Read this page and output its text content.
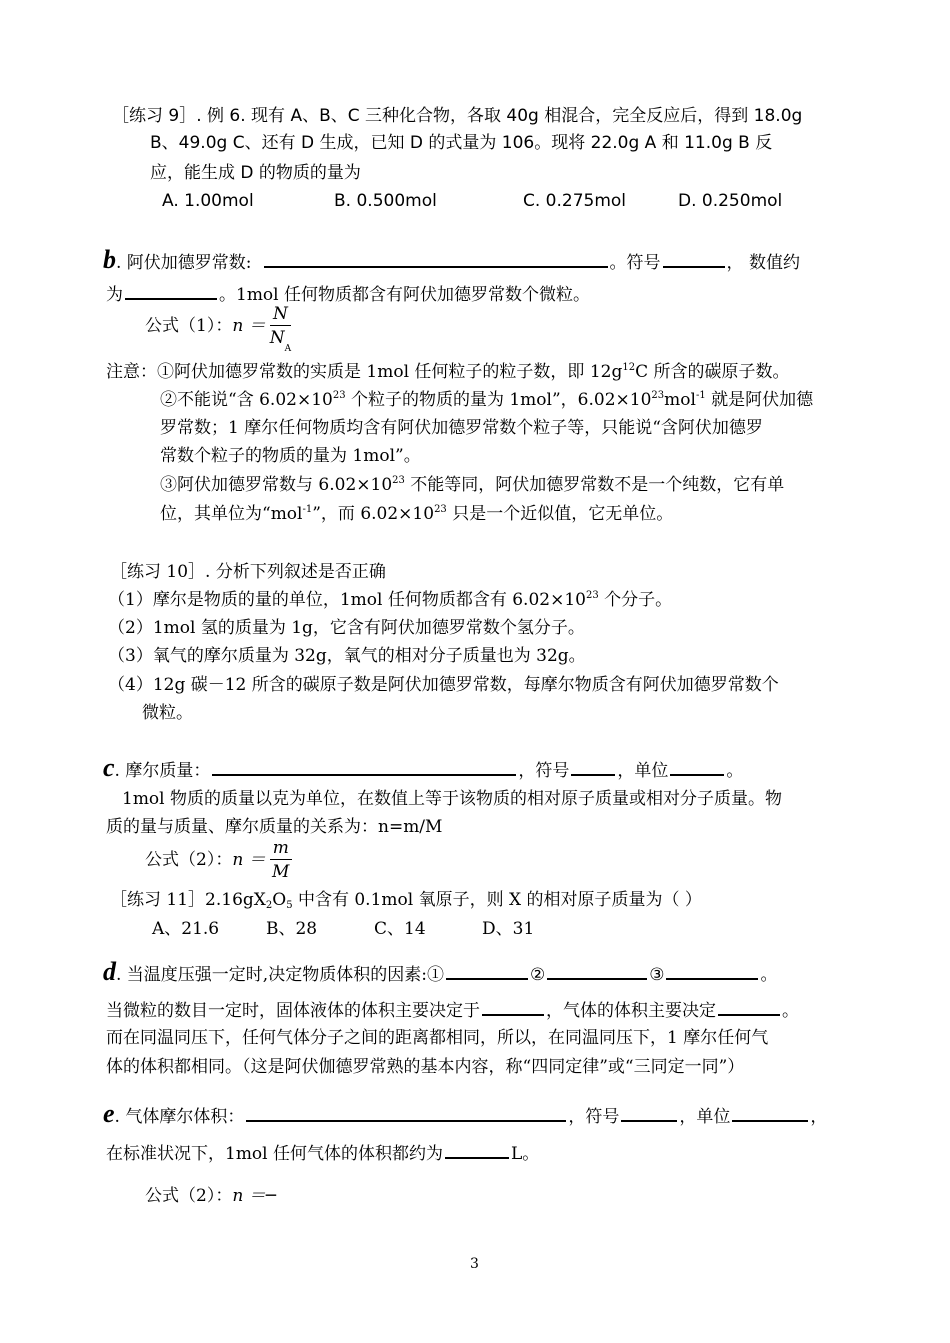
［练习 9］. 例 6. 现有 A、B、C 三种化合物，各取 40g 相混合，完全反应后，得到 18.0g
B、49.0g C、还有 D 生成，已知 D 的式量为 106。现将 22.0g A 和 11.0g B 反
应，能生成 D 的物质的量为
A. 1.00mol	B. 0.500mol	C. 0.275mol	D. 0.250mol
b. 阿伏加德罗常数:	。符号	， 数值约
为	。1mol 任何物质都含有阿伏加德罗常数个微粒。
公式（1）：$n = \frac{N}{N_A}$
注意：①阿伏加德罗常数的实质是 1mol 任何粒子的粒子数，即 $12g^{12}C$ 所含的碳原子数。
②不能说“含 $6.02\times 10^{23}$ 个粒子的物质的量为 1mol”，$6.02\times 10^{23}mol^{-1}$ 就是阿伏加德
罗常数；1 摩尔任何物质均含有阿伏加德罗常数个粒子等，只能说“含阿伏加德罗
常数个粒子的物质的量为 1mol”。
③阿伏加德罗常数与 $6.02\times 10^{23}$ 不能等同，阿伏加德罗常数不是一个纯数，它有单
位，其单位为“mol$^{-1}$”，而 $6.02\times 10^{23}$ 只是一个近似值，它无单位。
［练习 10］. 分析下列叙述是否正确
（1）摩尔是物质的量的单位，1mol 任何物质都含有 $6.02\times 10^{23}$ 个分子。
（2）1mol 氢的质量为 1g，它含有阿伏加德罗常数个氢分子。
（3）氧气的摩尔质量为 32g，氧气的相对分子质量也为 32g。
（4）12g 碳－12 所含的碳原子数是阿伏加德罗常数，每摩尔物质含有阿伏加德罗常数个
微粒。
c. 摩尔质量：	，符号	，单位	。
1mol 物质的质量以克为单位，在数值上等于该物质的相对原子质量或相对分子质量。物
质的量与质量、摩尔质量的关系为：n=m/M
公式（2）：$n = \frac{m}{M}$
［练习 $11]2.16gX_2O_5$ 中含有 0.1mol 氧原子，则 X 的相对原子质量为（ ）
A、21.6	B、28	C、14	D、31
d. 当温度压强一定时,决定物质体积的因素:①	②	③	。
当微粒的数目一定时，固体液体的体积主要决定于	，气体的体积主要决定	。
而在同温同压下，任何气体分子之间的距离都相同，所以，在同温同压下，1 摩尔任何气
体的体积都相同。（这是阿伏伽德罗常熟的基本内容，称“四同定律”或“三同定一同”）
e. 气体摩尔体积：	，符号	，单位	，
在标准状况下，1mol 任何气体的体积都约为	L。
公式（2）：n ＝─
3
